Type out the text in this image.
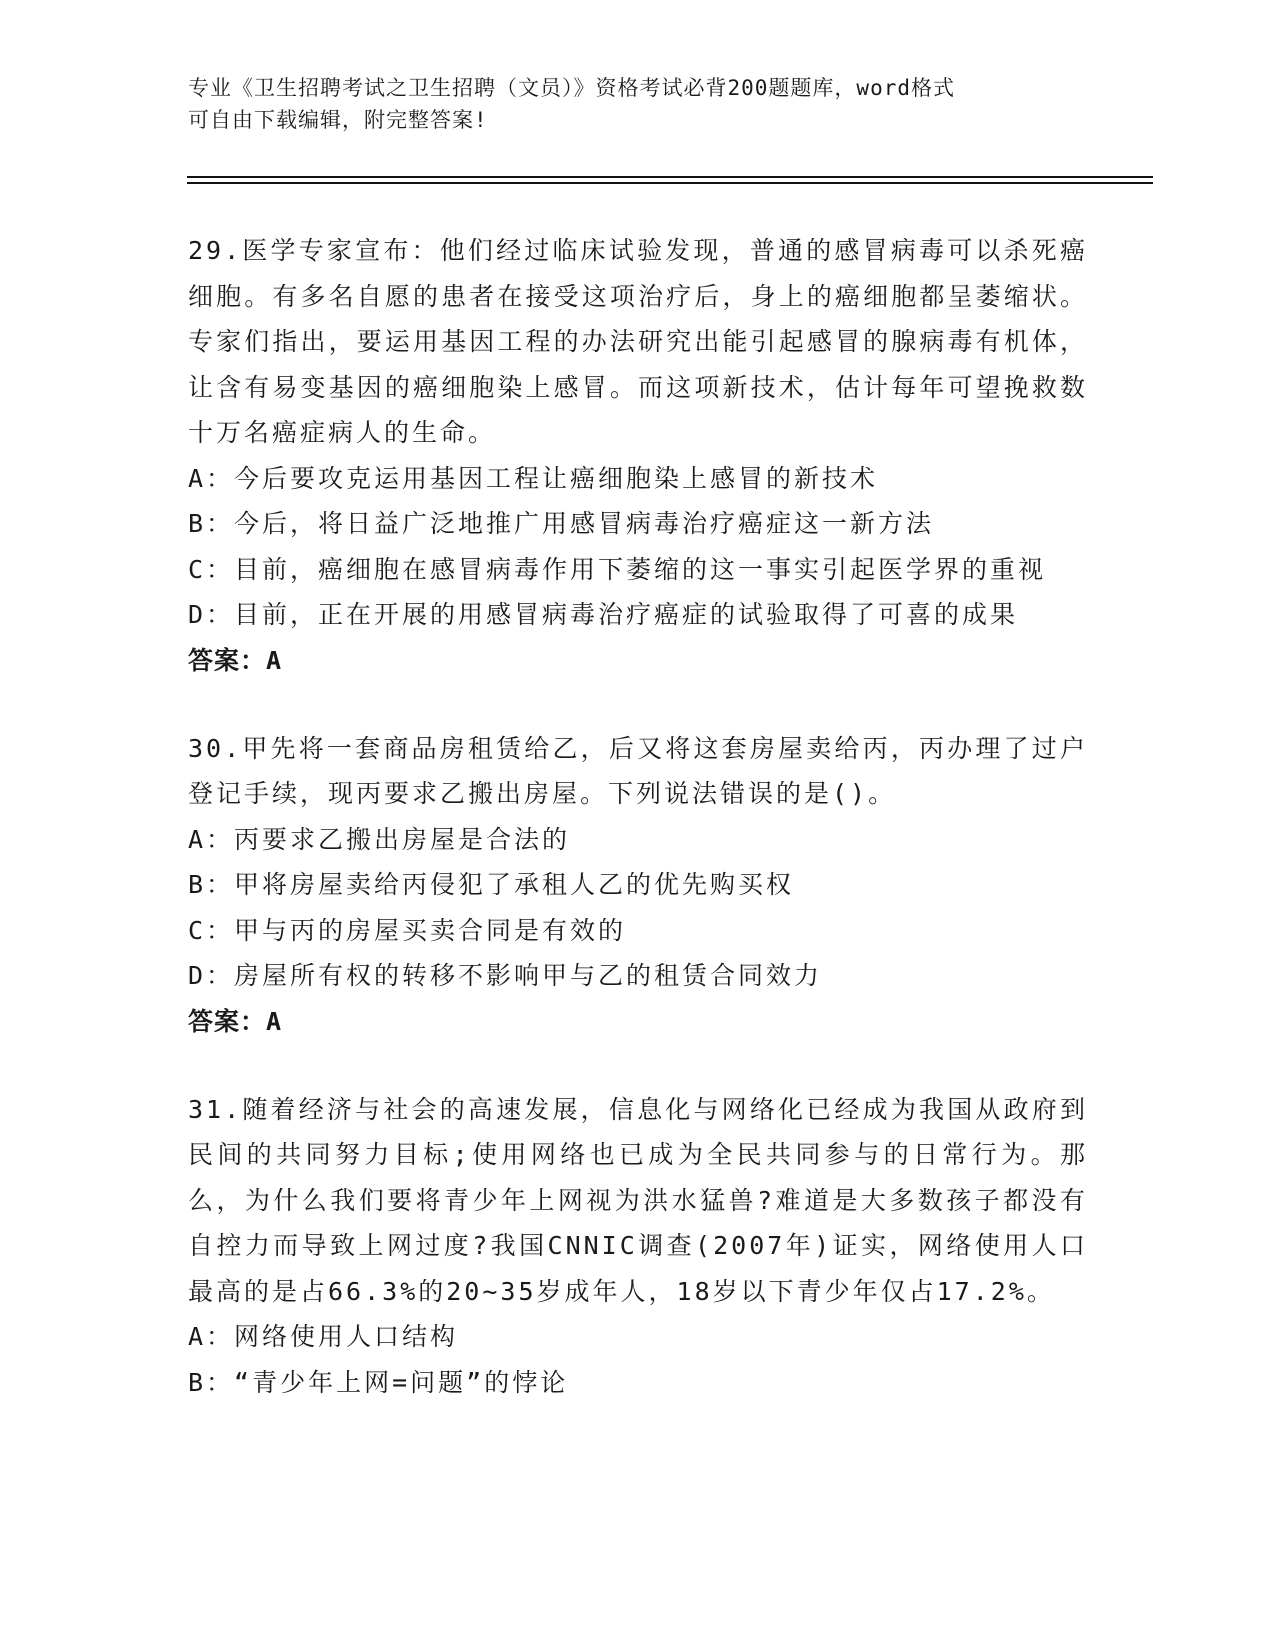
专业《卫生招聘考试之卫生招聘（文员）》资格考试必背200题题库，word格式
可自由下载编辑，附完整答案!

29.医学专家宣布：他们经过临床试验发现，普通的感冒病毒可以杀死癌细胞。有多名自愿的患者在接受这项治疗后，身上的癌细胞都呈萎缩状。专家们指出，要运用基因工程的办法研究出能引起感冒的腺病毒有机体，让含有易变基因的癌细胞染上感冒。而这项新技术，估计每年可望挽救数十万名癌症病人的生命。

A：今后要攻克运用基因工程让癌细胞染上感冒的新技术

B：今后，将日益广泛地推广用感冒病毒治疗癌症这一新方法

C：目前，癌细胞在感冒病毒作用下萎缩的这一事实引起医学界的重视

D：目前，正在开展的用感冒病毒治疗癌症的试验取得了可喜的成果

答案：A

30.甲先将一套商品房租赁给乙，后又将这套房屋卖给丙，丙办理了过户登记手续，现丙要求乙搬出房屋。下列说法错误的是()。

A：丙要求乙搬出房屋是合法的

B：甲将房屋卖给丙侵犯了承租人乙的优先购买权

C：甲与丙的房屋买卖合同是有效的

D：房屋所有权的转移不影响甲与乙的租赁合同效力

答案：A

31.随着经济与社会的高速发展，信息化与网络化已经成为我国从政府到民间的共同努力目标;使用网络也已成为全民共同参与的日常行为。那么，为什么我们要将青少年上网视为洪水猛兽?难道是大多数孩子都没有自控力而导致上网过度?我国CNNIC调查(2007年)证实，网络使用人口最高的是占66.3%的20~35岁成年人，18岁以下青少年仅占17.2%。

A：网络使用人口结构

B：“青少年上网=问题”的悖论
